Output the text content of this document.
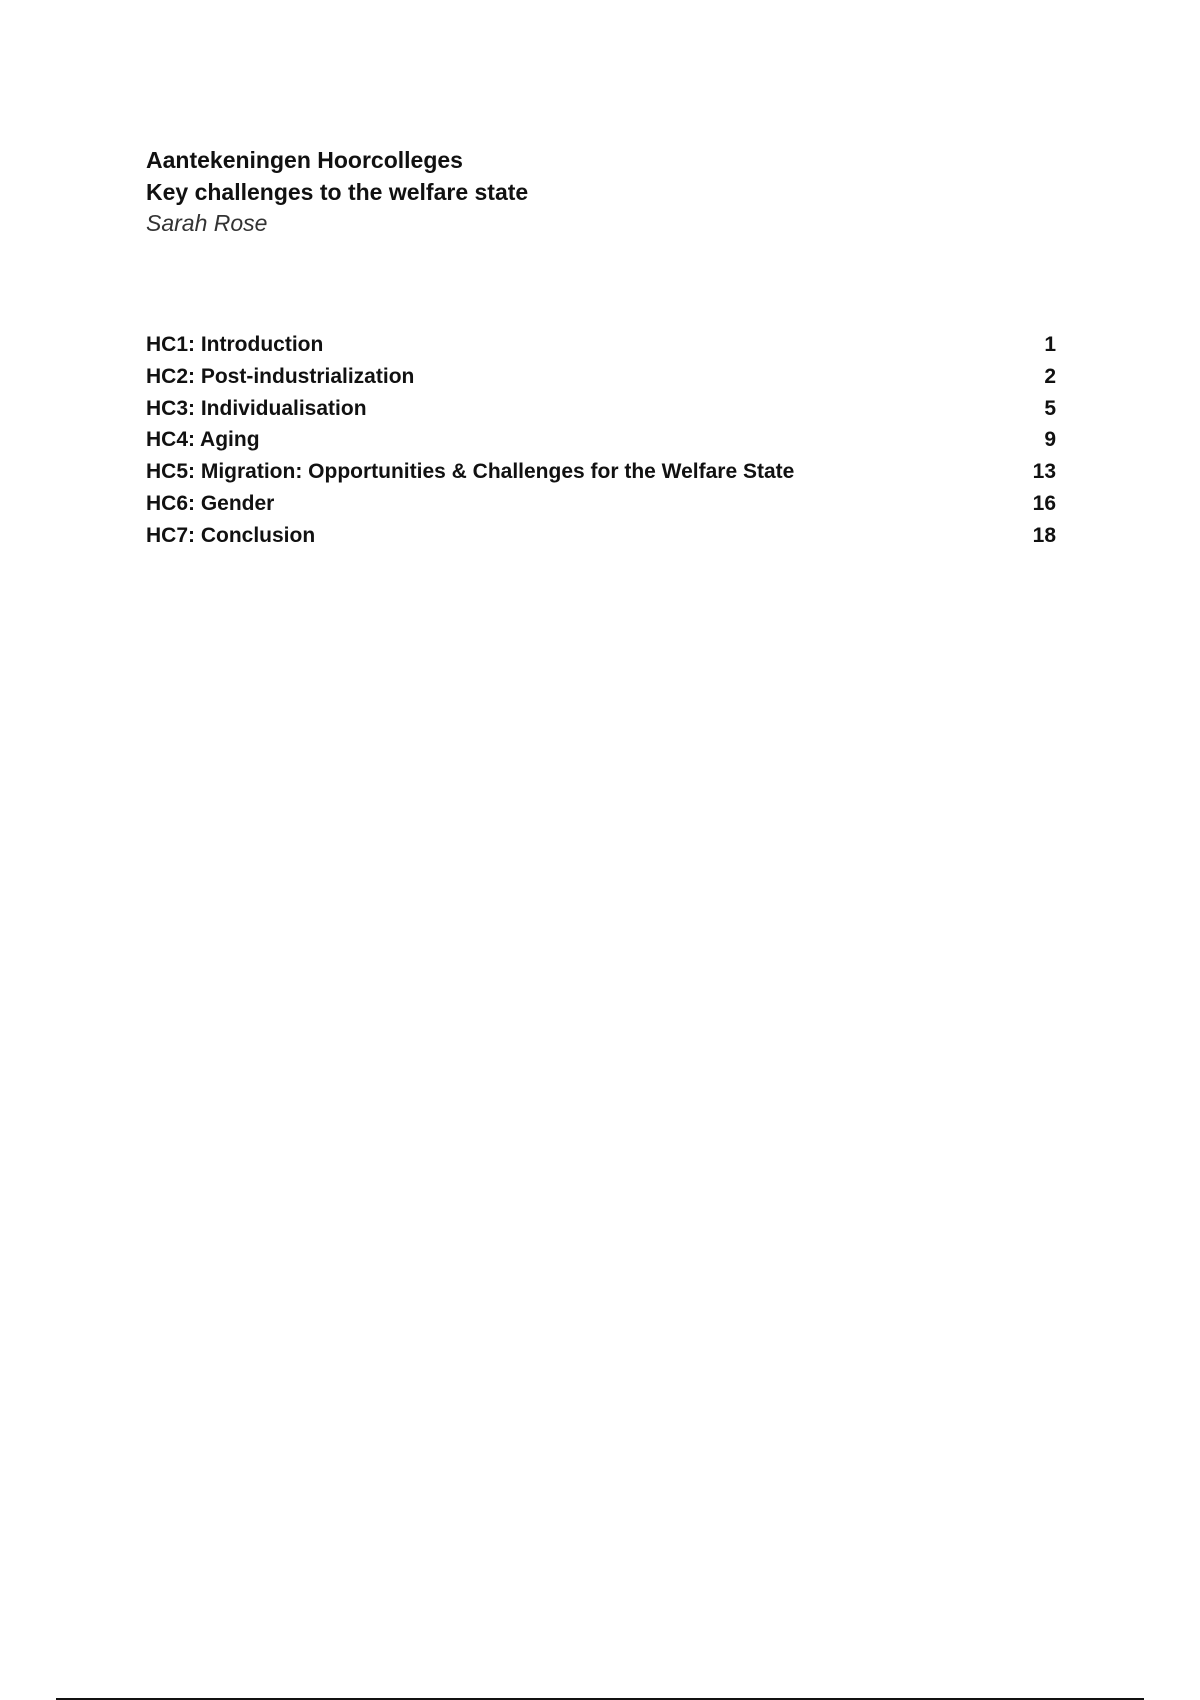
Aantekeningen Hoorcolleges
Key challenges to the welfare state
Sarah Rose
HC1: Introduction	1
HC2: Post-industrialization	2
HC3: Individualisation	5
HC4: Aging	9
HC5: Migration: Opportunities & Challenges for the Welfare State	13
HC6: Gender	16
HC7: Conclusion	18
